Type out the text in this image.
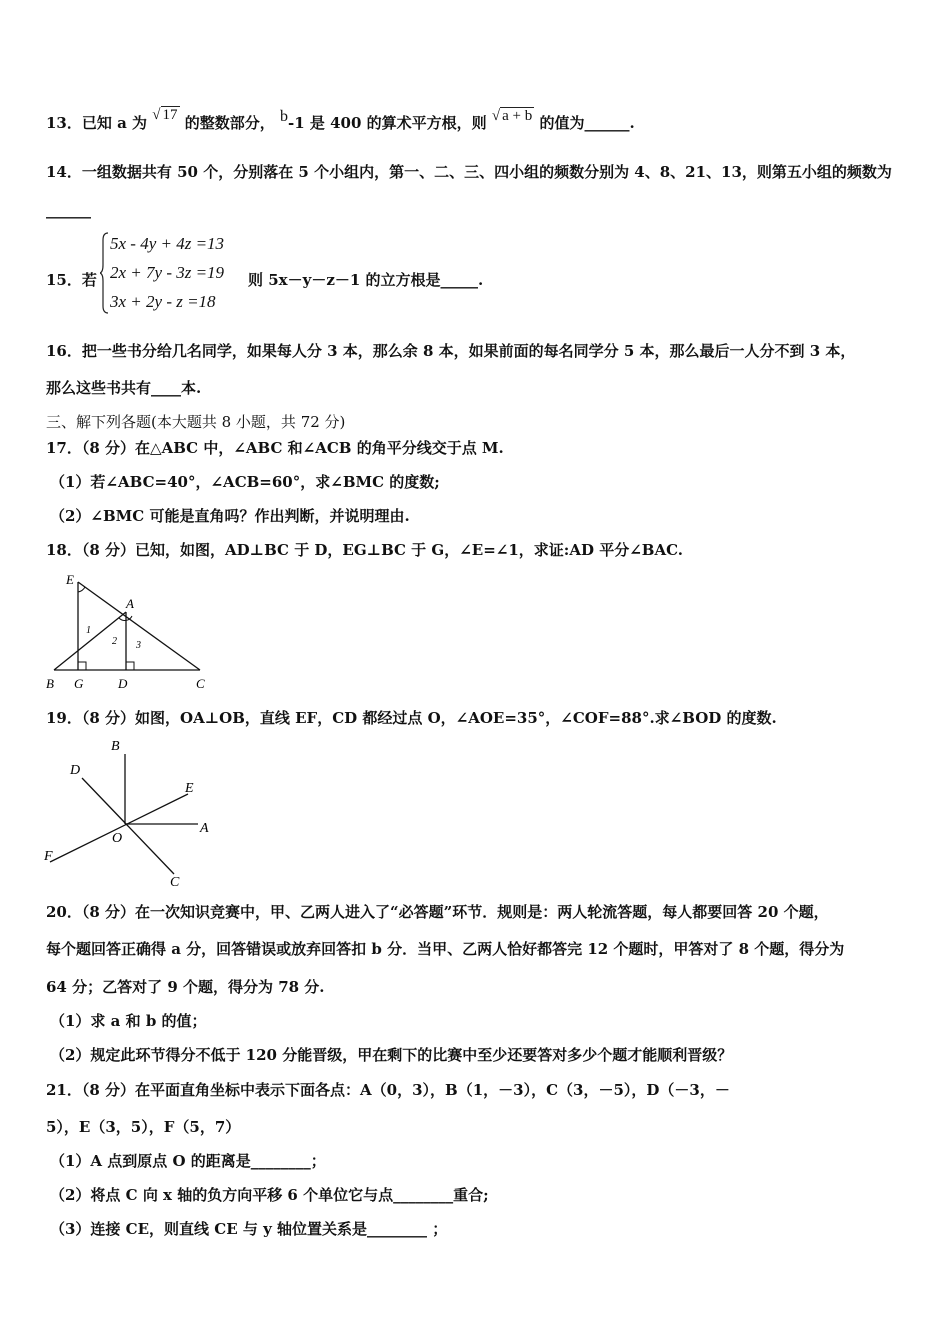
13．已知 a 为 √ 17 的整数部分， b-1 是 400 的算术平方根，则 √ a + b 的值为______.
14．一组数据共有 50 个，分别落在 5 个小组内，第一、二、三、四小组的频数分别为 4、8、21、13，则第五小组的频数为
______
15．若
5x - 4y + 4z =13
2x + 7y - 3z =19
3x + 2y - z =18
则 5x－y－z－1 的立方根是_____.
16．把一些书分给几名同学，如果每人分 3 本，那么余 8 本，如果前面的每名同学分 5 本，那么最后一人分不到 3 本，
那么这些书共有____本.
三、解下列各题(本大题共 8 小题，共 72 分)
17．（8 分）在△ABC 中，∠ABC 和∠ACB 的角平分线交于点 M.
（1）若∠ABC=40°，∠ACB=60°，求∠BMC 的度数;
（2）∠BMC 可能是直角吗？作出判断，并说明理由.
18．（8 分）已知，如图，AD⊥BC 于 D，EG⊥BC 于 G，∠E=∠1，求证:AD 平分∠BAC.
E
A
B G	D	C
1
2 3
19．（8 分）如图，OA⊥OB，直线 EF，CD 都经过点 O，∠AOE=35°，∠COF=88°.求∠BOD 的度数.
B
D
E
A
O
F
C
20．（8 分）在一次知识竞赛中，甲、乙两人进入了“必答题”环节．规则是：两人轮流答题，每人都要回答 20 个题，
每个题回答正确得 a 分，回答错误或放弃回答扣 b 分．当甲、乙两人恰好都答完 12 个题时，甲答对了 8 个题，得分为
64 分；乙答对了 9 个题，得分为 78 分.
（1）求 a 和 b 的值；
（2）规定此环节得分不低于 120 分能晋级，甲在剩下的比赛中至少还要答对多少个题才能顺利晋级？
21．（8 分）在平面直角坐标中表示下面各点：A（0，3），B（1，－3），C（3，－5），D（－3，－
5），E（3，5），F（5，7）
（1）A 点到原点 O 的距离是________；
（2）将点 C 向 x 轴的负方向平移 6 个单位它与点________重合;
（3）连接 CE，则直线 CE 与 y 轴位置关系是________ ；
